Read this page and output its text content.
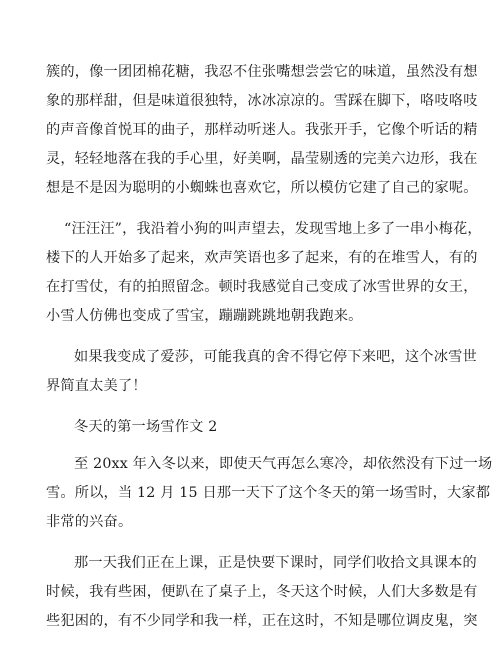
簇的，像一团团棉花糖，我忍不住张嘴想尝尝它的味道，虽然没有想
象的那样甜，但是味道很独特，冰冰凉凉的。雪踩在脚下，咯吱咯吱
的声音像首悦耳的曲子，那样动听迷人。我张开手，它像个听话的精
灵，轻轻地落在我的手心里，好美啊，晶莹剔透的完美六边形，我在
想是不是因为聪明的小蜘蛛也喜欢它，所以模仿它建了自己的家呢。

“汪汪汪”，我沿着小狗的叫声望去，发现雪地上多了一串小梅花，
楼下的人开始多了起来，欢声笑语也多了起来，有的在堆雪人，有的
在打雪仗，有的拍照留念。顿时我感觉自己变成了冰雪世界的女王，
小雪人仿佛也变成了雪宝，蹦蹦跳跳地朝我跑来。

如果我变成了爱莎，可能我真的舍不得它停下来吧，这个冰雪世
界简直太美了！

冬天的第一场雪作文 2

至 20xx 年入冬以来，即使天气再怎么寒冷，却依然没有下过一场
雪。所以，当 12 月 15 日那一天下了这个冬天的第一场雪时，大家都
非常的兴奋。

那一天我们正在上课，正是快要下课时，同学们收拾文具课本的
时候，我有些困，便趴在了桌子上，冬天这个时候，人们大多数是有
些犯困的，有不少同学和我一样，正在这时，不知是哪位调皮鬼，突
